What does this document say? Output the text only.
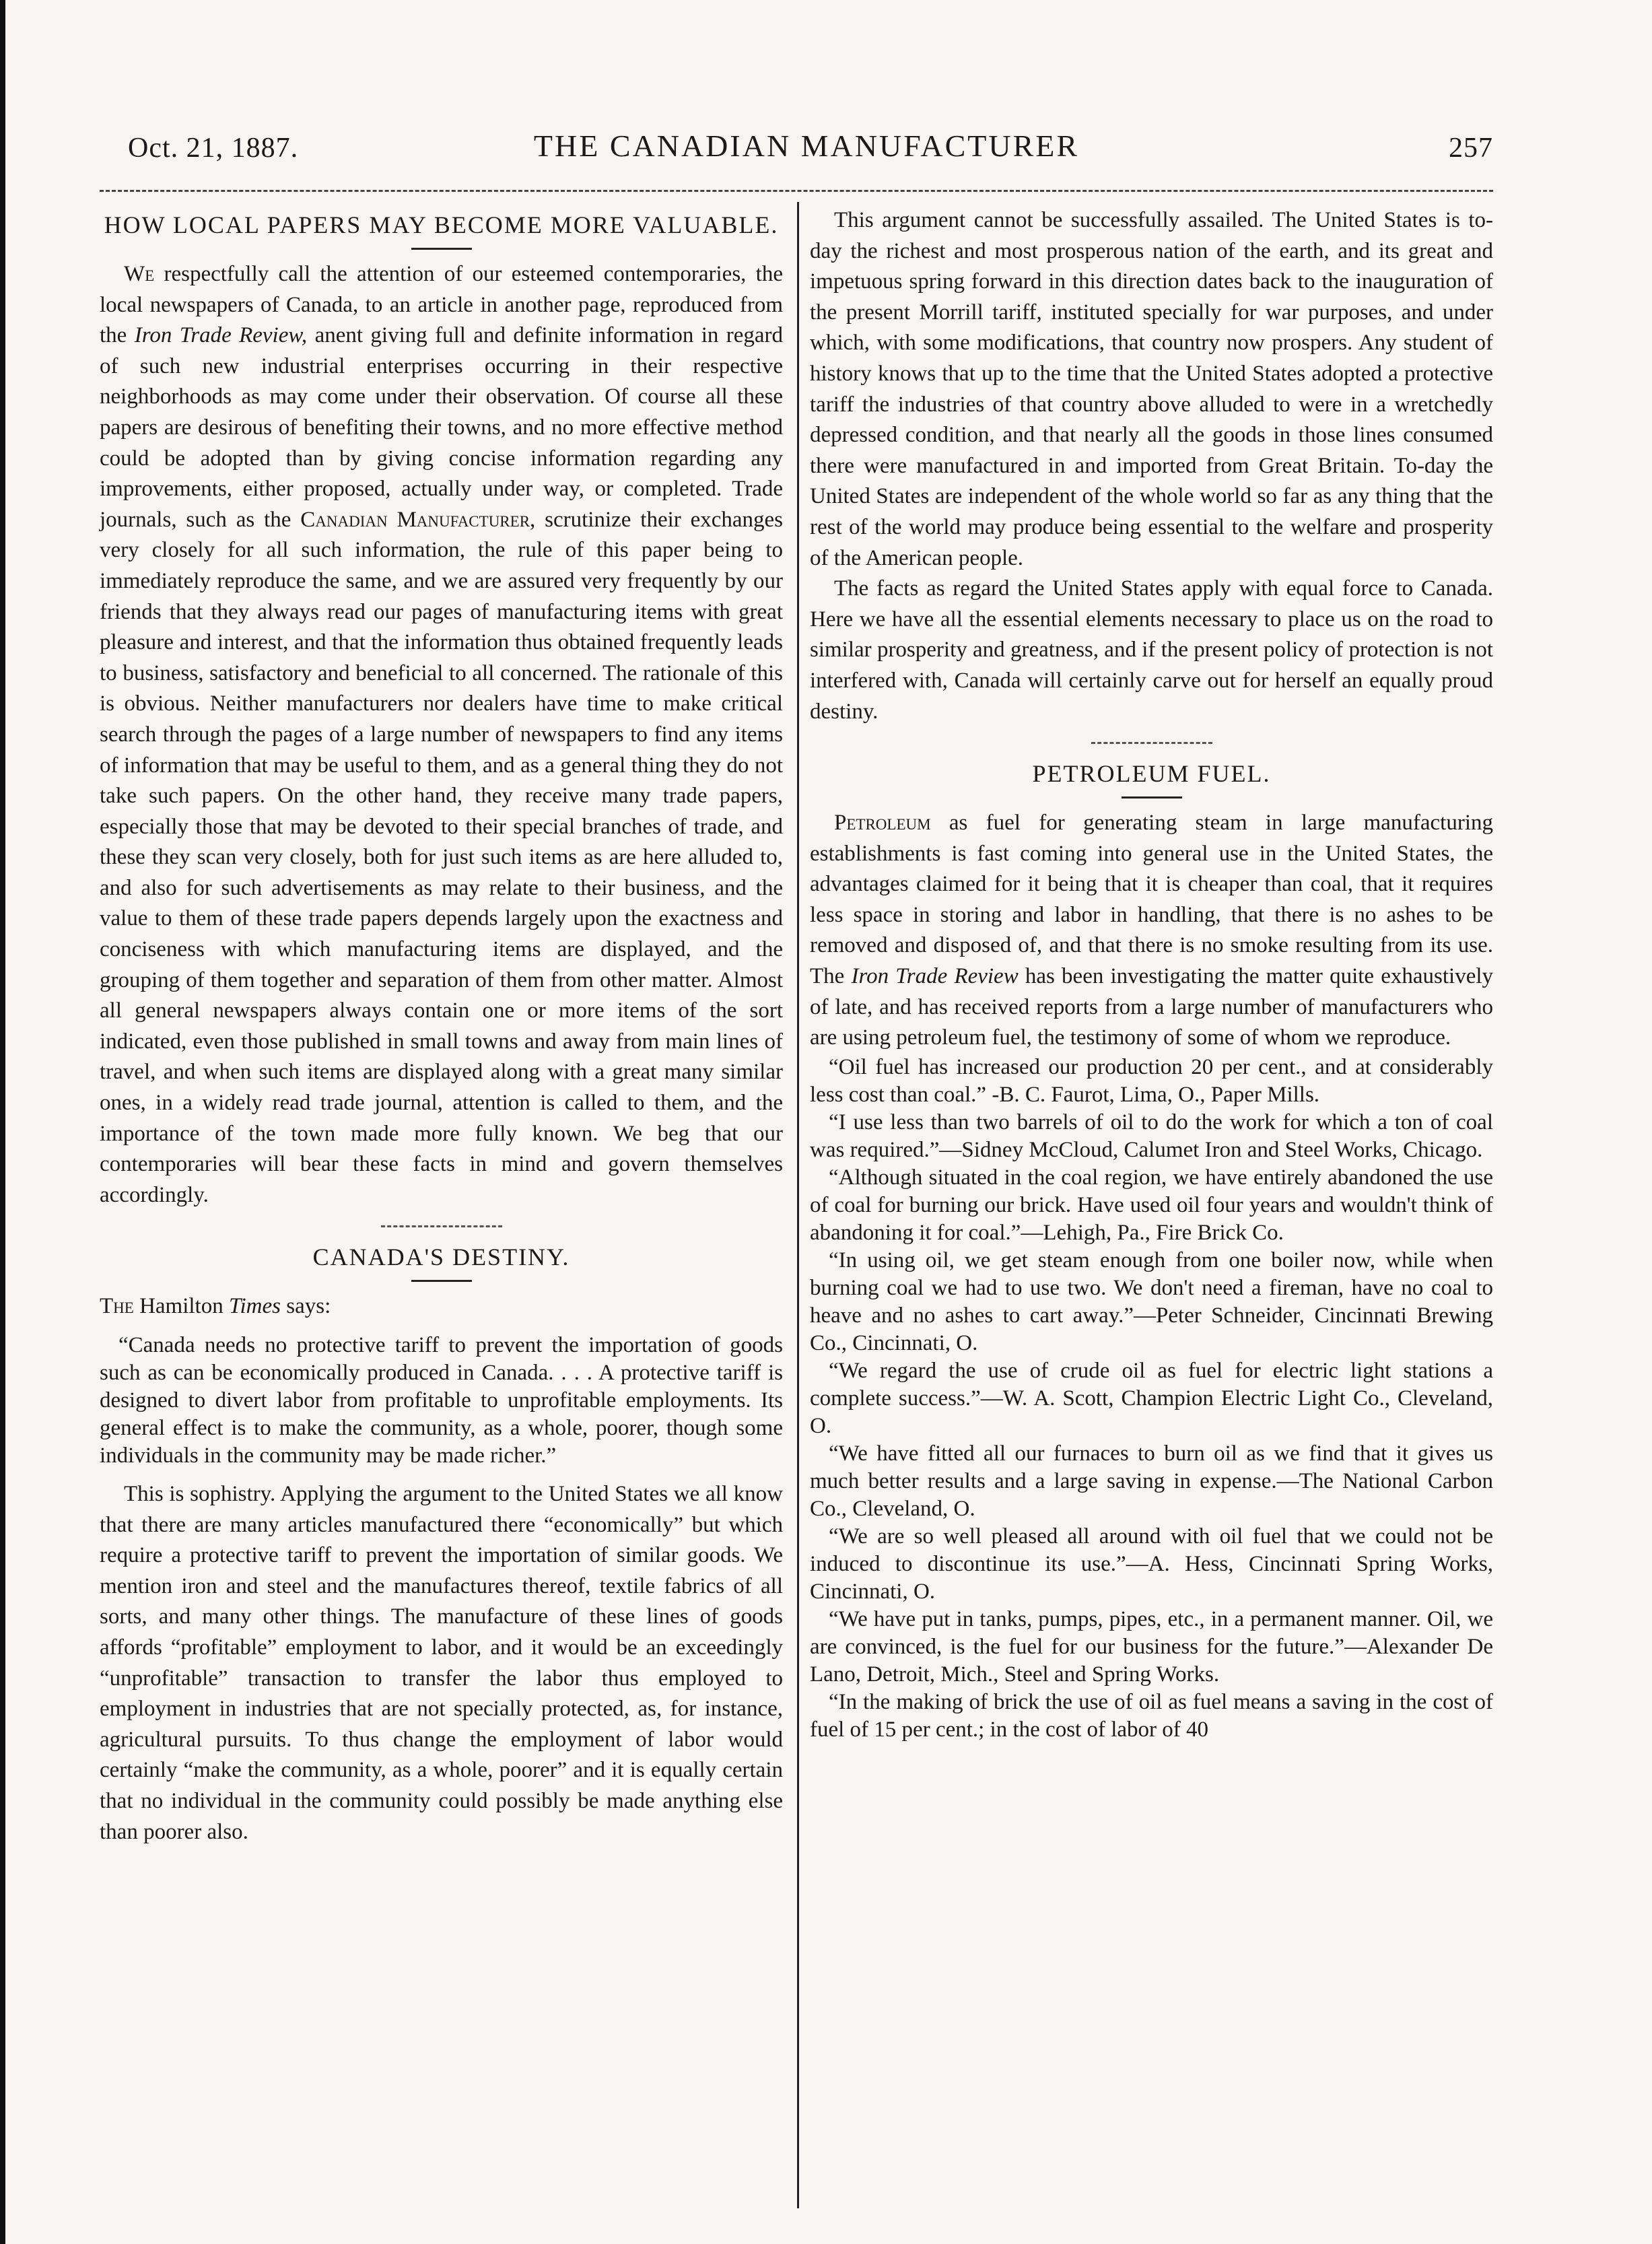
Oct. 21, 1887.	THE CANADIAN MANUFACTURER	257
HOW LOCAL PAPERS MAY BECOME MORE VALUABLE.

We respectfully call the attention of our esteemed contemporaries, the local newspapers of Canada, to an article in another page, reproduced from the Iron Trade Review, anent giving full and definite information in regard of such new industrial enterprises occurring in their respective neighborhoods as may come under their observation. Of course all these papers are desirous of benefiting their towns, and no more effective method could be adopted than by giving concise information regarding any improvements, either proposed, actually under way, or completed. Trade journals, such as the Canadian Manufacturer, scrutinize their exchanges very closely for all such information, the rule of this paper being to immediately reproduce the same, and we are assured very frequently by our friends that they always read our pages of manufacturing items with great pleasure and interest, and that the information thus obtained frequently leads to business, satisfactory and beneficial to all concerned. The rationale of this is obvious. Neither manufacturers nor dealers have time to make critical search through the pages of a large number of newspapers to find any items of information that may be useful to them, and as a general thing they do not take such papers. On the other hand, they receive many trade papers, especially those that may be devoted to their special branches of trade, and these they scan very closely, both for just such items as are here alluded to, and also for such advertisements as may relate to their business, and the value to them of these trade papers depends largely upon the exactness and conciseness with which manufacturing items are displayed, and the grouping of them together and separation of them from other matter. Almost all general newspapers always contain one or more items of the sort indicated, even those published in small towns and away from main lines of travel, and when such items are displayed along with a great many similar ones, in a widely read trade journal, attention is called to them, and the importance of the town made more fully known. We beg that our contemporaries will bear these facts in mind and govern themselves accordingly.

CANADA'S DESTINY.

The Hamilton Times says:

“Canada needs no protective tariff to prevent the importation of goods such as can be economically produced in Canada. . . . A protective tariff is designed to divert labor from profitable to unprofitable employments. Its general effect is to make the community, as a whole, poorer, though some individuals in the community may be made richer.”

This is sophistry. Applying the argument to the United States we all know that there are many articles manufactured there “economically” but which require a protective tariff to prevent the importation of similar goods. We mention iron and steel and the manufactures thereof, textile fabrics of all sorts, and many other things. The manufacture of these lines of goods affords “profitable” employment to labor, and it would be an exceedingly “unprofitable” transaction to transfer the labor thus employed to employment in industries that are not specially protected, as, for instance, agricultural pursuits. To thus change the employment of labor would certainly “make the community, as a whole, poorer” and it is equally certain that no individual in the community could possibly be made anything else than poorer also.

This argument cannot be successfully assailed. The United States is to-day the richest and most prosperous nation of the earth, and its great and impetuous spring forward in this direction dates back to the inauguration of the present Morrill tariff, instituted specially for war purposes, and under which, with some modifications, that country now prospers. Any student of history knows that up to the time that the United States adopted a protective tariff the industries of that country above alluded to were in a wretchedly depressed condition, and that nearly all the goods in those lines consumed there were manufactured in and imported from Great Britain. To-day the United States are independent of the whole world so far as any thing that the rest of the world may produce being essential to the welfare and prosperity of the American people.

The facts as regard the United States apply with equal force to Canada. Here we have all the essential elements necessary to place us on the road to similar prosperity and greatness, and if the present policy of protection is not interfered with, Canada will certainly carve out for herself an equally proud destiny.

PETROLEUM FUEL.

Petroleum as fuel for generating steam in large manufacturing establishments is fast coming into general use in the United States, the advantages claimed for it being that it is cheaper than coal, that it requires less space in storing and labor in handling, that there is no ashes to be removed and disposed of, and that there is no smoke resulting from its use. The Iron Trade Review has been investigating the matter quite exhaustively of late, and has received reports from a large number of manufacturers who are using petroleum fuel, the testimony of some of whom we reproduce.

“Oil fuel has increased our production 20 per cent., and at considerably less cost than coal.” -B. C. Faurot, Lima, O., Paper Mills.

“I use less than two barrels of oil to do the work for which a ton of coal was required.”—Sidney McCloud, Calumet Iron and Steel Works, Chicago.

“Although situated in the coal region, we have entirely abandoned the use of coal for burning our brick. Have used oil four years and wouldn't think of abandoning it for coal.”—Lehigh, Pa., Fire Brick Co.

“In using oil, we get steam enough from one boiler now, while when burning coal we had to use two. We don't need a fireman, have no coal to heave and no ashes to cart away.”—Peter Schneider, Cincinnati Brewing Co., Cincinnati, O.

“We regard the use of crude oil as fuel for electric light stations a complete success.”—W. A. Scott, Champion Electric Light Co., Cleveland, O.

“We have fitted all our furnaces to burn oil as we find that it gives us much better results and a large saving in expense.—The National Carbon Co., Cleveland, O.

“We are so well pleased all around with oil fuel that we could not be induced to discontinue its use.”—A. Hess, Cincinnati Spring Works, Cincinnati, O.

“We have put in tanks, pumps, pipes, etc., in a permanent manner. Oil, we are convinced, is the fuel for our business for the future.”—Alexander De Lano, Detroit, Mich., Steel and Spring Works.

“In the making of brick the use of oil as fuel means a saving in the cost of fuel of 15 per cent.; in the cost of labor of 40
